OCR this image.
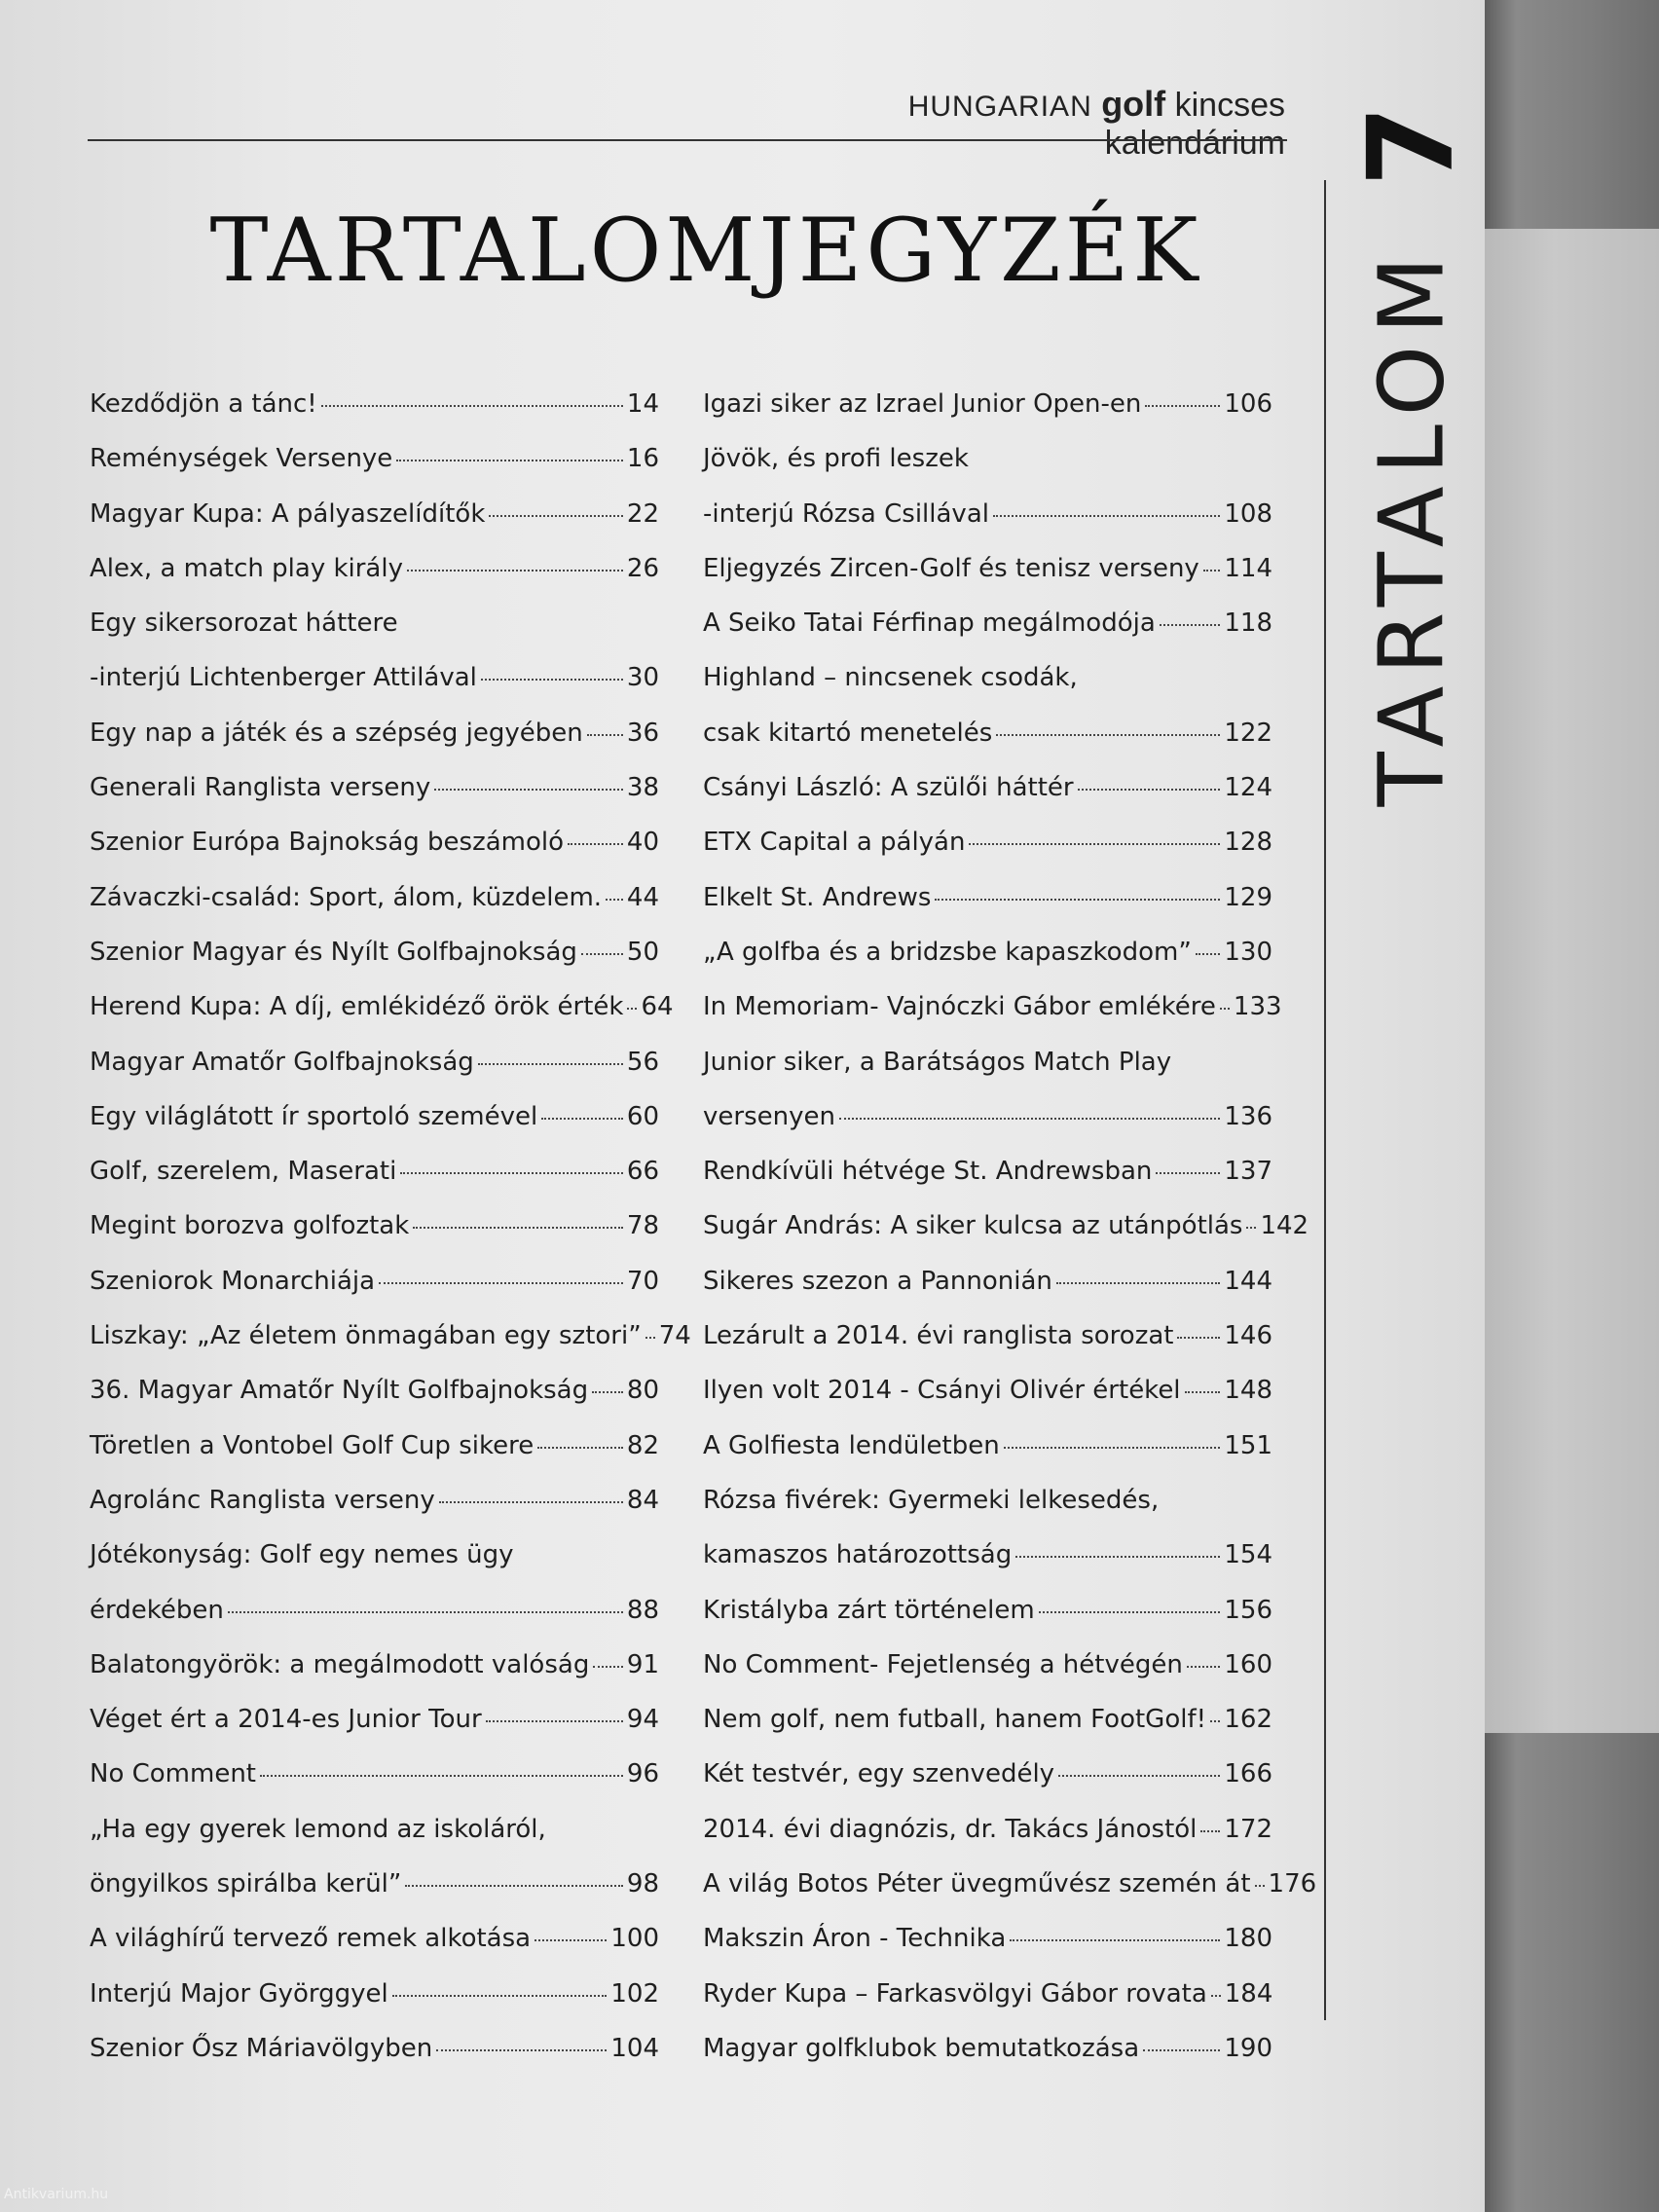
HUNGARIAN golf kincses kalendárium
TARTALOMJEGYZÉK
Kezdődjön a tánc!	14
Reménységek Versenye	16
Magyar Kupa: A pályaszelídítők	22
Alex, a match play király	26
Egy sikersorozat háttere
-interjú Lichtenberger Attilával	30
Egy nap a játék és a szépség jegyében 36
Generali Ranglista verseny	38
Szenior Európa Bajnokság beszámoló 40
Závaczki-család: Sport, álom, küzdelem. 44
Szenior Magyar és Nyílt Golfbajnokság 50
Herend Kupa: A díj, emlékidéző örök érték 64
Magyar Amatőr Golfbajnokság	56
Egy világlátott ír sportoló szemével	60
Golf, szerelem, Maserati	66
Megint borozva golfoztak	78
Szeniorok Monarchiája	70
Liszkay: „Az életem önmagában egy sztori” 74
36. Magyar Amatőr Nyílt Golfbajnokság 80
Töretlen a Vontobel Golf Cup sikere	82
Agrolánc Ranglista verseny	84
Jótékonyság: Golf egy nemes ügy
érdekében	88
Balatongyörök: a megálmodott valóság 91
Véget ért a 2014-es Junior Tour	94
No Comment	96
„Ha egy gyerek lemond az iskoláról,
öngyilkos spirálba kerül”	98
A világhírű tervező remek alkotása	100
Interjú Major Györggyel	102
Szenior Ősz Máriavölgyben	104
Igazi siker az Izrael Junior Open-en	106
Jövök, és profi leszek
-interjú Rózsa Csillával	108
Eljegyzés Zircen-Golf és tenisz verseny 114
A Seiko Tatai Férfinap megálmodója	118
Highland – nincsenek csodák,
csak kitartó menetelés	122
Csányi László: A szülői háttér	124
ETX Capital a pályán	128
Elkelt St. Andrews	129
„A golfba és a bridzsbe kapaszkodom” 130
In Memoriam- Vajnóczki Gábor emlékére 133
Junior siker, a Barátságos Match Play
versenyen	136
Rendkívüli hétvége St. Andrewsban	137
Sugár András: A siker kulcsa az utánpótlás 142
Sikeres szezon a Pannonián	144
Lezárult a 2014. évi ranglista sorozat 146
Ilyen volt 2014 - Csányi Olivér értékel 148
A Golfiesta lendületben	151
Rózsa fivérek: Gyermeki lelkesedés,
kamaszos határozottság	154
Kristályba zárt történelem	156
No Comment- Fejetlenség a hétvégén 160
Nem golf, nem futball, hanem FootGolf! 162
Két testvér, egy szenvedély	166
2014. évi diagnózis, dr. Takács Jánostól 172
A világ Botos Péter üvegművész szemén át 176
Makszin Áron - Technika	180
Ryder Kupa – Farkasvölgyi Gábor rovata 184
Magyar golfklubok bemutatkozása	190
TARTALOM
7
Antikvarium.hu
